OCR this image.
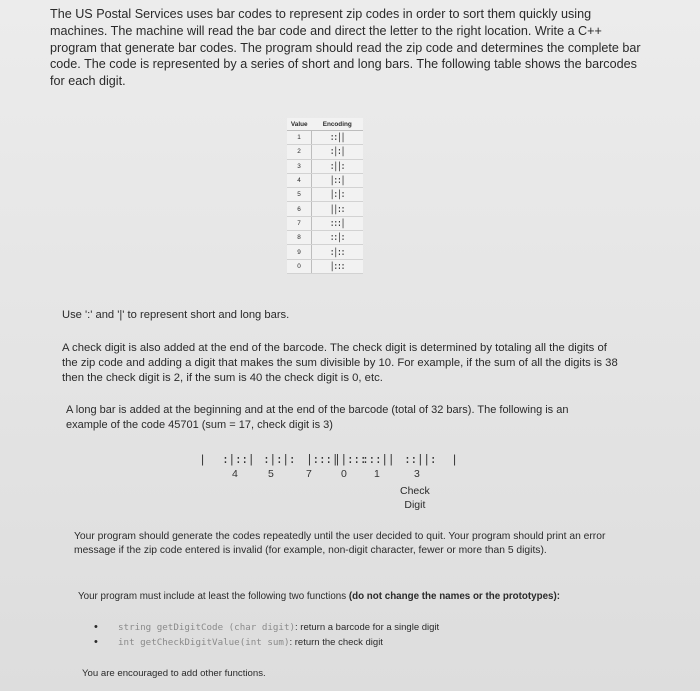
The US Postal Services uses bar codes to represent zip codes in order to sort them quickly using machines. The machine will read the bar code and direct the letter to the right location. Write a C++ program that generate bar codes. The program should read the zip code and determines the complete bar code. The code is represented by a series of short and long bars. The following table shows the barcodes for each digit.

Value	Encoding
1	::||
2	:|:|
3	:||:
4	|::|
5	|:|:
6	||::
7	:::|
8	::|:
9	:|::
0	|:::

Use ':' and '|' to represent short and long bars.

A check digit is also added at the end of the barcode. The check digit is determined by totaling all the digits of the zip code and adding a digit that makes the sum divisible by 10. For example, if the sum of all the digits is 38 then the check digit is 2, if the sum is 40 the check digit is 0, etc.

A long bar is added at the beginning and at the end of the barcode (total of 32 bars). The following is an example of the code 45701 (sum = 17, check digit is 3)

| :|::| :|:|: |:::|
||:::
:::|| ::||: |
4	5	7	0	1	3
Check
Digit

Your program should generate the codes repeatedly until the user decided to quit. Your program should print an error message if the zip code entered is invalid (for example, non-digit character, fewer or more than 5 digits).

Your program must include at least the following two functions (do not change the names or the prototypes):

• string getDigitCode (char digit): return a barcode for a single digit
• int getCheckDigitValue(int sum): return the check digit

You are encouraged to add other functions.
